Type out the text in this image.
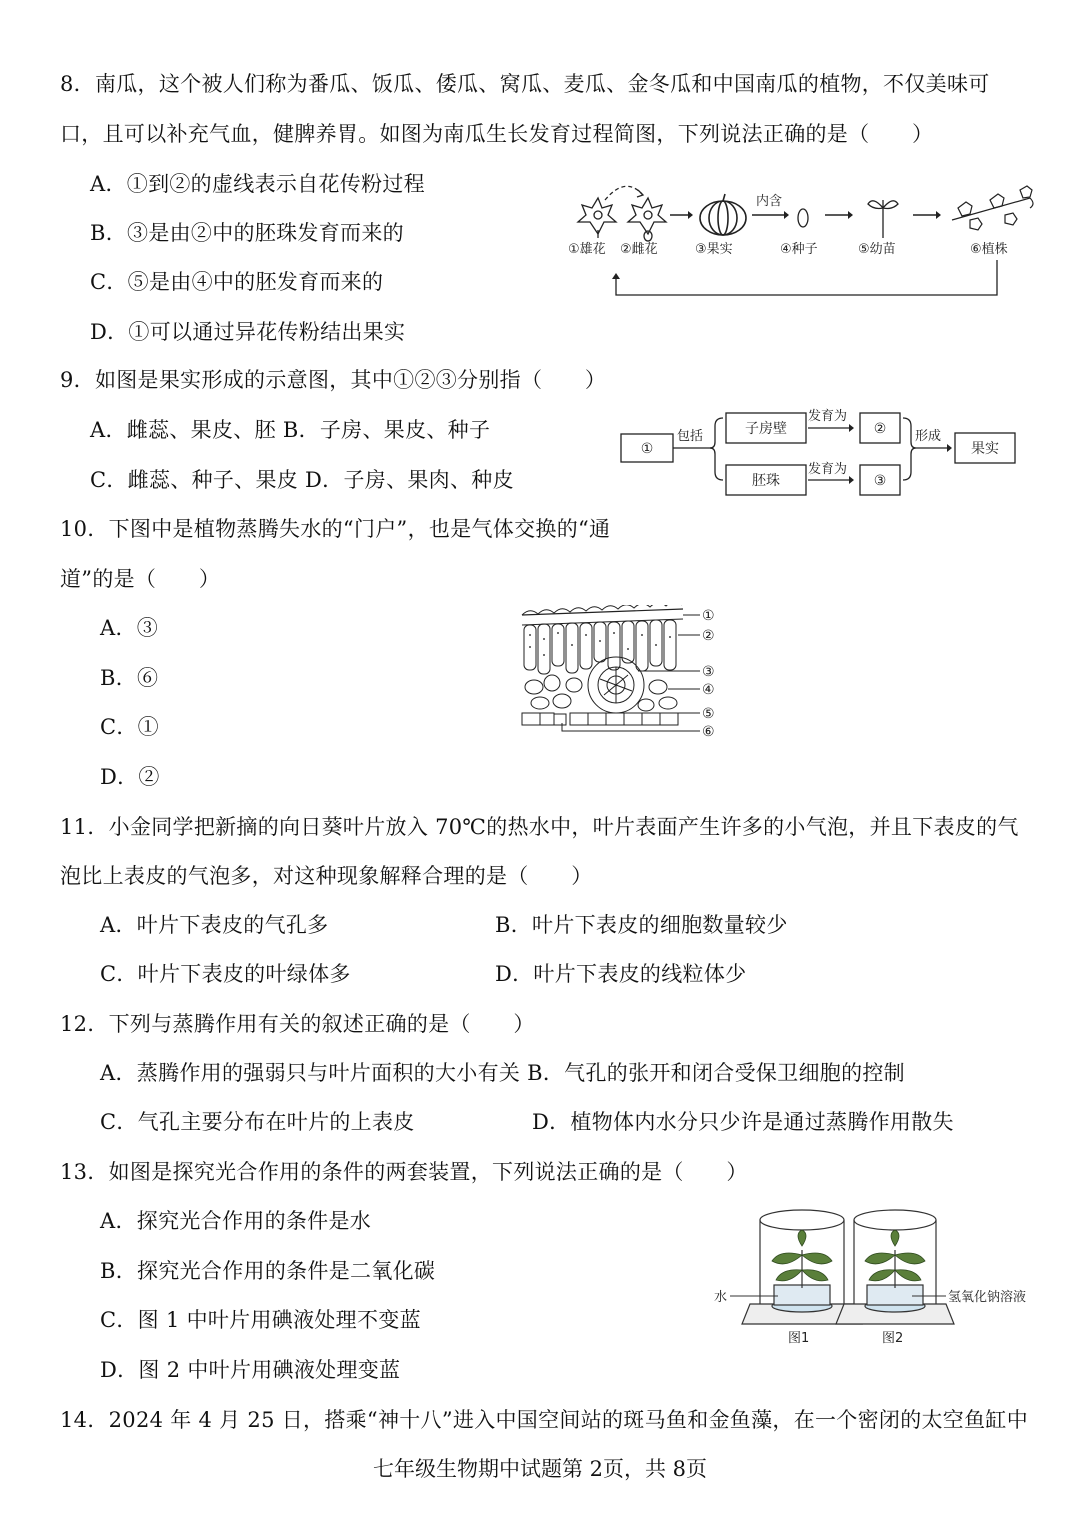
8．南瓜，这个被人们称为番瓜、饭瓜、倭瓜、窝瓜、麦瓜、金冬瓜和中国南瓜的植物，不仅美味可
口，且可以补充气血，健脾养胃。如图为南瓜生长发育过程简图，下列说法正确的是（　　）
A．①到②的虚线表示自花传粉过程
B．③是由②中的胚珠发育而来的
C．⑤是由④中的胚发育而来的
D．①可以通过异花传粉结出果实
内含
①雄花 ②雌花	③果实	④种子	⑤幼苗	⑥植株
9．如图是果实形成的示意图，其中①②③分别指（　　）
A．雌蕊、果皮、胚 B．子房、果皮、种子
C．雌蕊、种子、果皮 D．子房、果肉、种皮
①
包括	子房壁
胚珠
发育为
发育为
②
③
形成
果实
10．下图中是植物蒸腾失水的“门户”，也是气体交换的“通
道”的是（　　）
A．③
B．⑥
C．①
D．②
①
②
③
④
⑤
⑥
11．小金同学把新摘的向日葵叶片放入 70℃的热水中，叶片表面产生许多的小气泡，并且下表皮的气
泡比上表皮的气泡多，对这种现象解释合理的是（　　）
A．叶片下表皮的气孔多	B．叶片下表皮的细胞数量较少
C．叶片下表皮的叶绿体多	D．叶片下表皮的线粒体少
12．下列与蒸腾作用有关的叙述正确的是（　　）
A．蒸腾作用的强弱只与叶片面积的大小有关 B．气孔的张开和闭合受保卫细胞的控制
C．气孔主要分布在叶片的上表皮	D．植物体内水分只少许是通过蒸腾作用散失
13．如图是探究光合作用的条件的两套装置，下列说法正确的是（　　）
A．探究光合作用的条件是水
B．探究光合作用的条件是二氧化碳
C．图 1 中叶片用碘液处理不变蓝
D．图 2 中叶片用碘液处理变蓝
水	氢氧化钠溶液
图1	图2
14．2024 年 4 月 25 日，搭乘“神十八”进入中国空间站的斑马鱼和金鱼藻，在一个密闭的太空鱼缸中
七年级生物期中试题第 2页，共 8页
